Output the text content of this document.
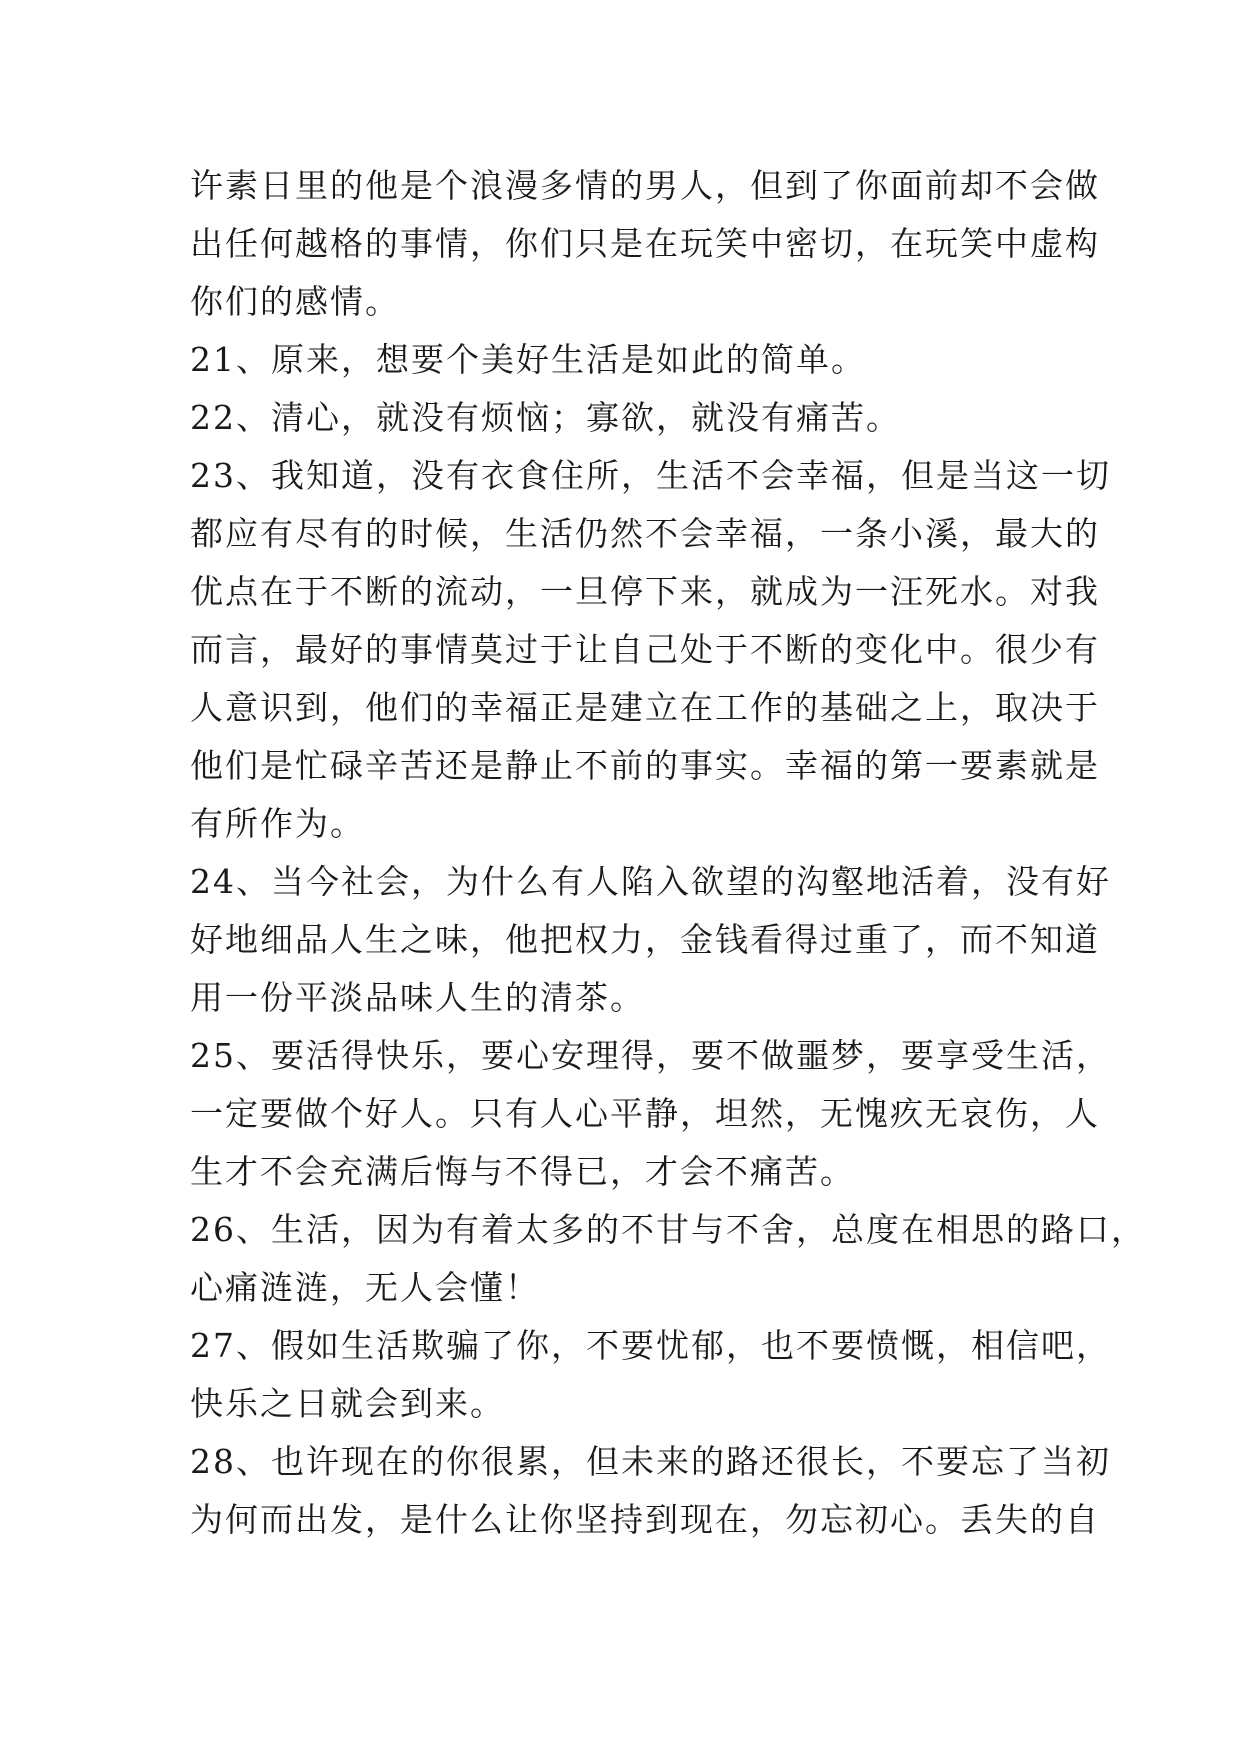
许素日里的他是个浪漫多情的男人，但到了你面前却不会做
出任何越格的事情，你们只是在玩笑中密切，在玩笑中虚构
你们的感情。

21、原来，想要个美好生活是如此的简单。

22、清心，就没有烦恼；寡欲，就没有痛苦。

23、我知道，没有衣食住所，生活不会幸福，但是当这一切
都应有尽有的时候，生活仍然不会幸福，一条小溪，最大的
优点在于不断的流动，一旦停下来，就成为一汪死水。对我
而言，最好的事情莫过于让自己处于不断的变化中。很少有
人意识到，他们的幸福正是建立在工作的基础之上，取决于
他们是忙碌辛苦还是静止不前的事实。幸福的第一要素就是
有所作为。

24、当今社会，为什么有人陷入欲望的沟壑地活着，没有好
好地细品人生之味，他把权力，金钱看得过重了，而不知道
用一份平淡品味人生的清茶。

25、要活得快乐，要心安理得，要不做噩梦，要享受生活，
一定要做个好人。只有人心平静，坦然，无愧疚无哀伤，人
生才不会充满后悔与不得已，才会不痛苦。

26、生活，因为有着太多的不甘与不舍，总度在相思的路口，
心痛涟涟，无人会懂！

27、假如生活欺骗了你，不要忧郁，也不要愤慨，相信吧，
快乐之日就会到来。

28、也许现在的你很累，但未来的路还很长，不要忘了当初
为何而出发，是什么让你坚持到现在，勿忘初心。丢失的自
